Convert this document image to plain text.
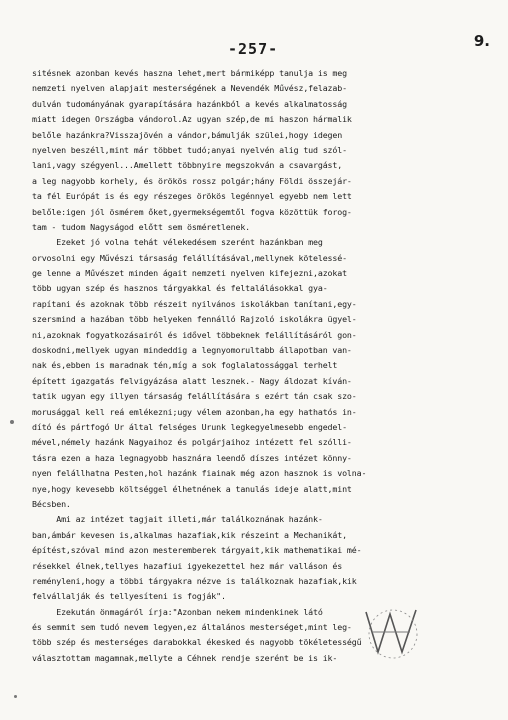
-257-	9.
sitésnek azonban kevés haszna lehet,mert bármiképp tanulja is meg
nemzeti nyelven alapjait mesterségének a Nevendék Művész,felazab-
dulván tudományának gyarapítására hazánkból a kevés alkalmatosság
miatt idegen Országba vándorol.Az ugyan szép,de mi haszon hármalik
belőle hazánkra?Visszajövén a vándor,bámulják szülei,hogy idegen
nyelven beszéll,mint már többet tudó;anyai nyelvén alig tud szól-
lani,vagy szégyenl...Amellett többnyire megszokván a csavargást,
a leg nagyobb korhely, és örökös rossz polgár;hány Földi összejár-
ta fél Európát is és egy részeges örökös legénnyel egyebb nem lett
belőle:igen jól ösmérem őket,gyermekségemtől fogva közöttük forog-
tam - tudom Nagyságod előtt sem ösméretlenek.
Ezeket jó volna tehát vélekedésem szerént hazánkban meg
orvosolni egy Művészi társaság felállításával,mellynek kötelessé-
ge lenne a Művészet minden ágait nemzeti nyelven kifejezni,azokat
több ugyan szép és hasznos tárgyakkal és feltalálásokkal gya-
rapítani és azoknak több részeit nyilvános iskolákban tanítani,egy-
szersmind a hazában több helyeken fennálló Rajzoló iskolákra ügyel-
ni,azoknak fogyatkozásairól és idővel többeknek felállításáról gon-
doskodni,mellyek ugyan mindeddig a legnyomorultabb állapotban van-
nak és,ebben is maradnak tén,míg a sok foglalatossággal terhelt
épített igazgatás felvigyázása alatt lesznek.- Nagy áldozat kíván-
tatik ugyan egy illyen társaság felállítására s ezért tán csak szo-
morusággal kell reá emlékezni;ugy vélem azonban,ha egy hathatós in-
dító és pártfogó Ur által felséges Urunk legkegyelmesebb engedel-
mével,némely hazánk Nagyaihoz és polgárjaihoz intézett fel szólli-
tásra ezen a haza legnagyobb hasznára leendő díszes intézet könny-
nyen felállhatna Pesten,hol hazánk fiainak még azon hasznok is volna-
nye,hogy kevesebb költséggel élhetnének a tanulás ideje alatt,mint
Bécsben.
Ami az intézet tagjait illeti,már találkoznának hazánk-
ban,ámbár kevesen is,alkalmas hazafiak,kik részeint a Mechanikát,
építést,szóval mind azon mesteremberek tárgyait,kik mathematikai mé-
résekkel élnek,tellyes hazafiui igyekezettel hez már valláson és
reményleni,hogy a többi tárgyakra nézve is találkoznak hazafiak,kik
felvállalják és tellyesíteni is fogják".
Ezekután önmagáról írja:"Azonban nekem mindenkinek látó
és semmit sem tudó nevem legyen,ez általános mesterséget,mint leg-
több szép és mesterséges darabokkal ékesked és nagyobb tökéletességű
választottam magamnak,mellyte a Céhnek rendje szerént be is ik-
